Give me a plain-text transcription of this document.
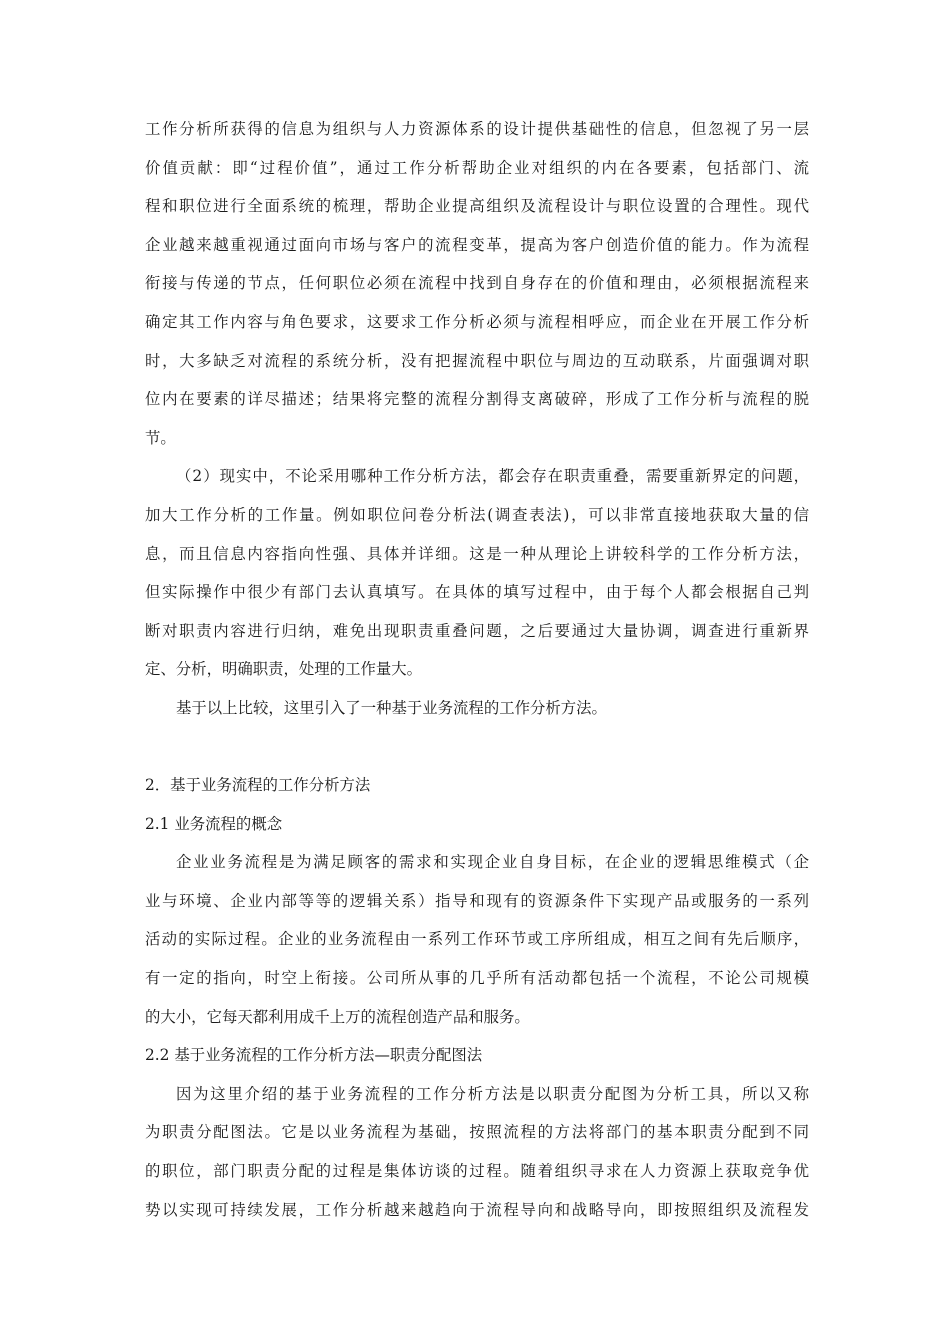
工作分析所获得的信息为组织与人力资源体系的设计提供基础性的信息，但忽视了另一层
价值贡献：即“过程价值”，通过工作分析帮助企业对组织的内在各要素，包括部门、流
程和职位进行全面系统的梳理，帮助企业提高组织及流程设计与职位设置的合理性。现代
企业越来越重视通过面向市场与客户的流程变革，提高为客户创造价值的能力。作为流程
衔接与传递的节点，任何职位必须在流程中找到自身存在的价值和理由，必须根据流程来
确定其工作内容与角色要求，这要求工作分析必须与流程相呼应，而企业在开展工作分析
时，大多缺乏对流程的系统分析，没有把握流程中职位与周边的互动联系，片面强调对职
位内在要素的详尽描述；结果将完整的流程分割得支离破碎，形成了工作分析与流程的脱
节。
（2）现实中，不论采用哪种工作分析方法，都会存在职责重叠，需要重新界定的问题，
加大工作分析的工作量。例如职位问卷分析法(调查表法)，可以非常直接地获取大量的信
息，而且信息内容指向性强、具体并详细。这是一种从理论上讲较科学的工作分析方法，
但实际操作中很少有部门去认真填写。在具体的填写过程中，由于每个人都会根据自己判
断对职责内容进行归纳，难免出现职责重叠问题，之后要通过大量协调，调查进行重新界
定、分析，明确职责，处理的工作量大。
基于以上比较，这里引入了一种基于业务流程的工作分析方法。
2．基于业务流程的工作分析方法
2.1 业务流程的概念
企业业务流程是为满足顾客的需求和实现企业自身目标，在企业的逻辑思维模式（企
业与环境、企业内部等等的逻辑关系）指导和现有的资源条件下实现产品或服务的一系列
活动的实际过程。企业的业务流程由一系列工作环节或工序所组成，相互之间有先后顺序，
有一定的指向，时空上衔接。公司所从事的几乎所有活动都包括一个流程，不论公司规模
的大小，它每天都利用成千上万的流程创造产品和服务。
2.2 基于业务流程的工作分析方法—职责分配图法
因为这里介绍的基于业务流程的工作分析方法是以职责分配图为分析工具，所以又称
为职责分配图法。它是以业务流程为基础，按照流程的方法将部门的基本职责分配到不同
的职位，部门职责分配的过程是集体访谈的过程。随着组织寻求在人力资源上获取竞争优
势以实现可持续发展，工作分析越来越趋向于流程导向和战略导向，即按照组织及流程发
